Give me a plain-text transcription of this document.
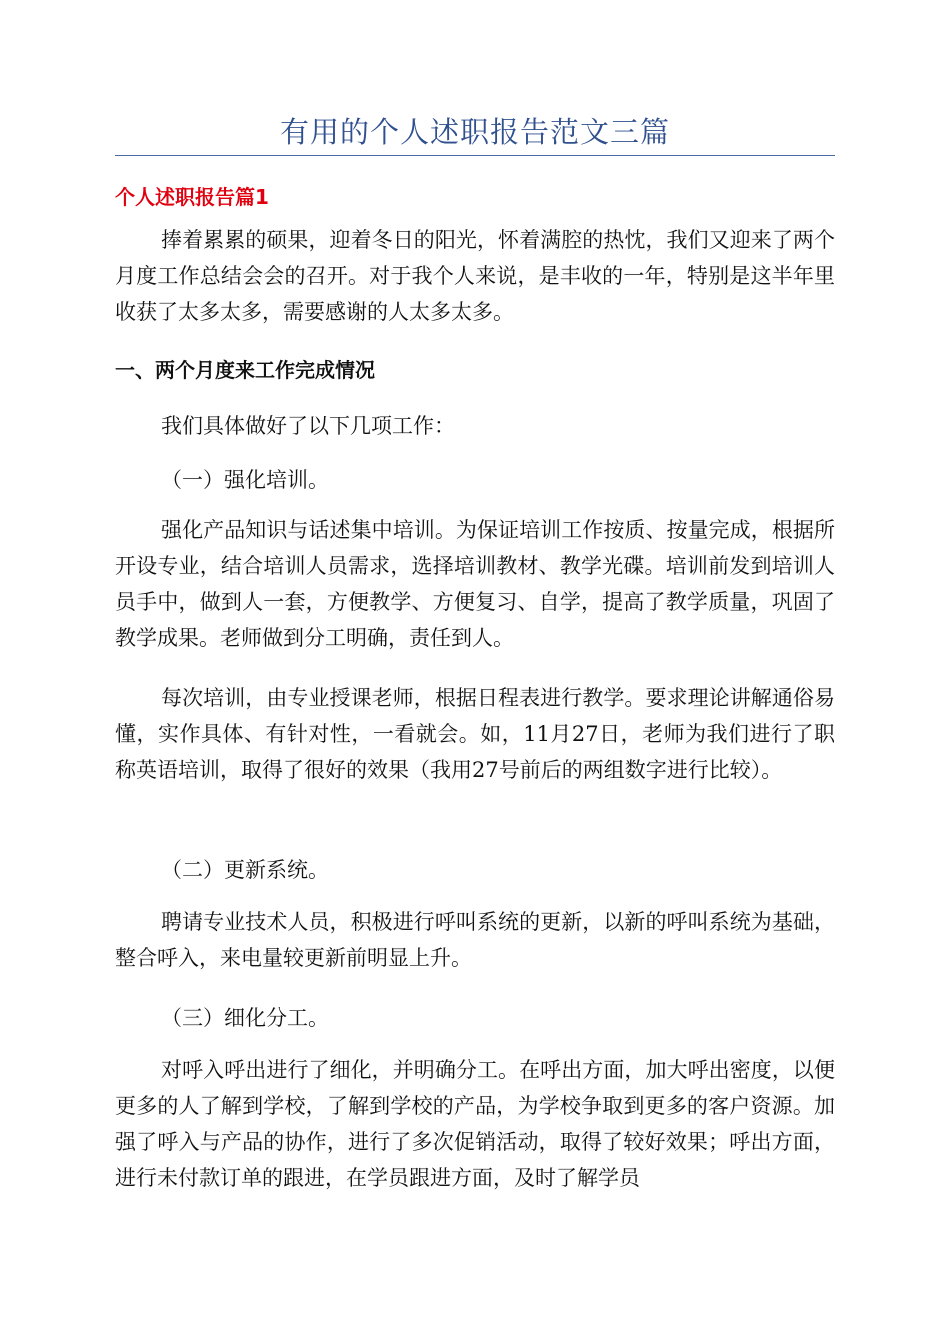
有用的个人述职报告范文三篇
个人述职报告篇1

捧着累累的硕果，迎着冬日的阳光，怀着满腔的热忱，我们又迎来了两个月度工作总结会会的召开。对于我个人来说，是丰收的一年，特别是这半年里收获了太多太多，需要感谢的人太多太多。

一、两个月度来工作完成情况

我们具体做好了以下几项工作：

（一）强化培训。

强化产品知识与话述集中培训。为保证培训工作按质、按量完成，根据所开设专业，结合培训人员需求，选择培训教材、教学光碟。培训前发到培训人员手中，做到人一套，方便教学、方便复习、自学，提高了教学质量，巩固了教学成果。老师做到分工明确，责任到人。

每次培训，由专业授课老师，根据日程表进行教学。要求理论讲解通俗易懂，实作具体、有针对性，一看就会。如，11月27日，老师为我们进行了职称英语培训，取得了很好的效果（我用27号前后的两组数字进行比较）。

（二）更新系统。

聘请专业技术人员，积极进行呼叫系统的更新，以新的呼叫系统为基础，整合呼入，来电量较更新前明显上升。

（三）细化分工。

对呼入呼出进行了细化，并明确分工。在呼出方面，加大呼出密度，以便更多的人了解到学校，了解到学校的产品，为学校争取到更多的客户资源。加强了呼入与产品的协作，进行了多次促销活动，取得了较好效果；呼出方面，进行未付款订单的跟进，在学员跟进方面，及时了解学员
